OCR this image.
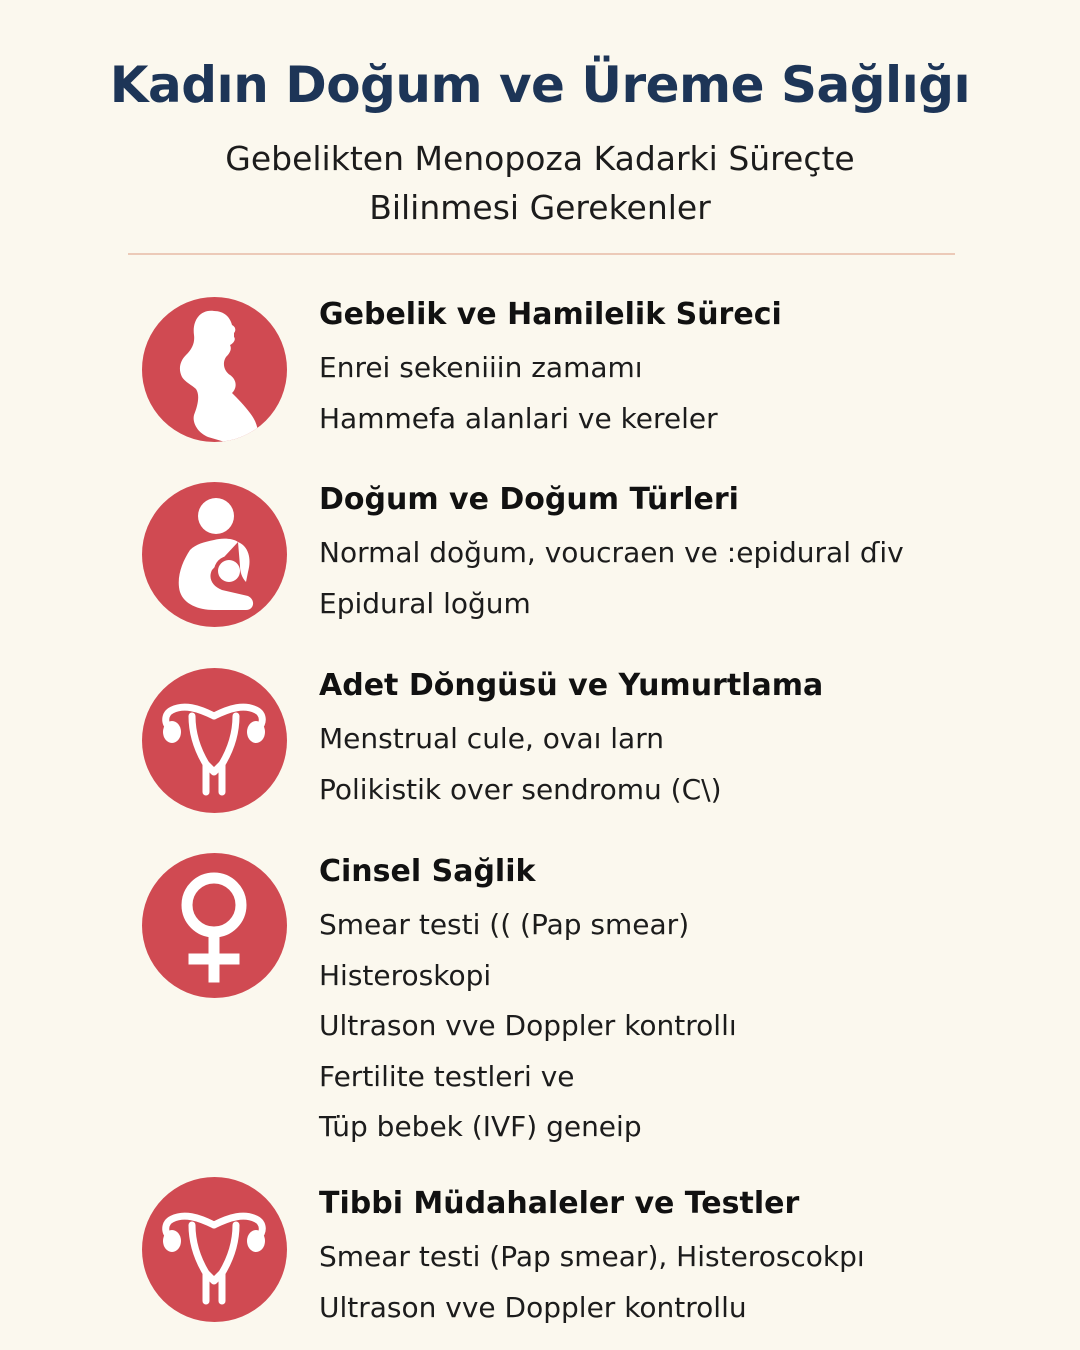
Kadın Doğum ve Üreme Sağlığı
Gebelikten Menopoza Kadarki Süreçte
Bilinmesi Gerekenler
Gebelik ve Hamilelik Süreci
Enrei sekeniiin zamamı
Hammefa alanlari ve kereler
Doğum ve Doğum Türleri
Normal doğum, voucraen ve :epidural ɗiv
Epidural loğum
Adet Dŏngüsü ve Yumurtlama
Menstrual cule, ovaı larn
Polikistik over sendromu (C\)
Cinsel Sağlik
Smear testi (( (Pap smear)
Histeroskopi
Ultrason vve Doppler kontrollı
Fertilite testleri ve
Tüp bebek (IVF) geneip
Tibbi Müdahaleler ve Testler
Smear testi (Pap smear), Histeroscokpı
Ultrason vve Doppler kontrollu
